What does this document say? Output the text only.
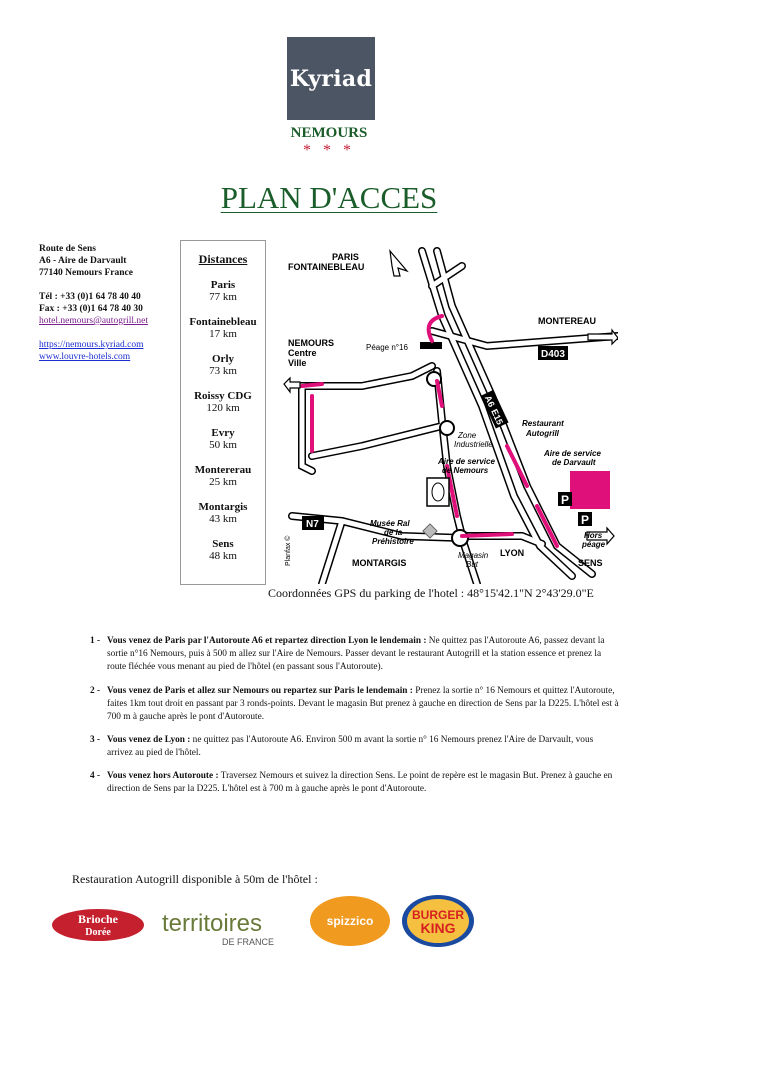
Kyriad
NEMOURS
* * *
PLAN D'ACCES
Route de Sens
A6 - Aire de Darvault
77140 Nemours France
Tél : +33 (0)1 64 78 40 40
Fax : +33 (0)1 64 78 40 30
hotel.nemours@autogrill.net
https://nemours.kyriad.com
www.louvre-hotels.com
Distances
Paris
77 km
Fontainebleau
17 km
Orly
73 km
Roissy CDG
120 km
Evry
50 km
Montererau
25 km
Montargis
43 km
Sens
48 km
P
P
D403
N7
A6
E15
PARIS
FONTAINEBLEAU
MONTEREAU
NEMOURS
Centre
Ville
MONTARGIS
LYON
SENS
Péage n°16
Restaurant
Autogrill
Aire de service
de Darvault
Aire de service
de Nemours
Musée Ral
de la
Préhistoire
Hors
péage
Zone
Industrielle
Magasin
But
Planfax ©
Coordonnées GPS du parking de l'hotel : 48°15'42.1"N 2°43'29.0"E
1 - Vous venez de Paris par l'Autoroute A6 et repartez direction Lyon le lendemain : Ne quittez pas l'Autoroute A6, passez devant la sortie n°16 Nemours, puis à 500 m allez sur l'Aire de Nemours. Passer devant le restaurant Autogrill et la station essence et prenez la route fléchée vous menant au pied de l'hôtel (en passant sous l'Autoroute).
2 - Vous venez de Paris et allez sur Nemours ou repartez sur Paris le lendemain : Prenez la sortie n° 16 Nemours et quittez l'Autoroute, faites 1km tout droit en passant par 3 ronds-points. Devant le magasin But prenez à gauche en direction de Sens par la D225. L'hôtel est à 700 m à gauche après le pont d'Autoroute.
3 - Vous venez de Lyon : ne quittez pas l'Autoroute A6. Environ 500 m avant la sortie n° 16 Nemours prenez l'Aire de Darvault, vous arrivez au pied de l'hôtel.
4 - Vous venez hors Autoroute : Traversez Nemours et suivez la direction Sens. Le point de repère est le magasin But. Prenez à gauche en direction de Sens par la D225. L'hôtel est à 700 m à gauche après le pont d'Autoroute.
Restauration Autogrill disponible à 50m de l'hôtel :
Brioche
Dorée territoires
DE FRANCE
spizzico	BURGER
KING
